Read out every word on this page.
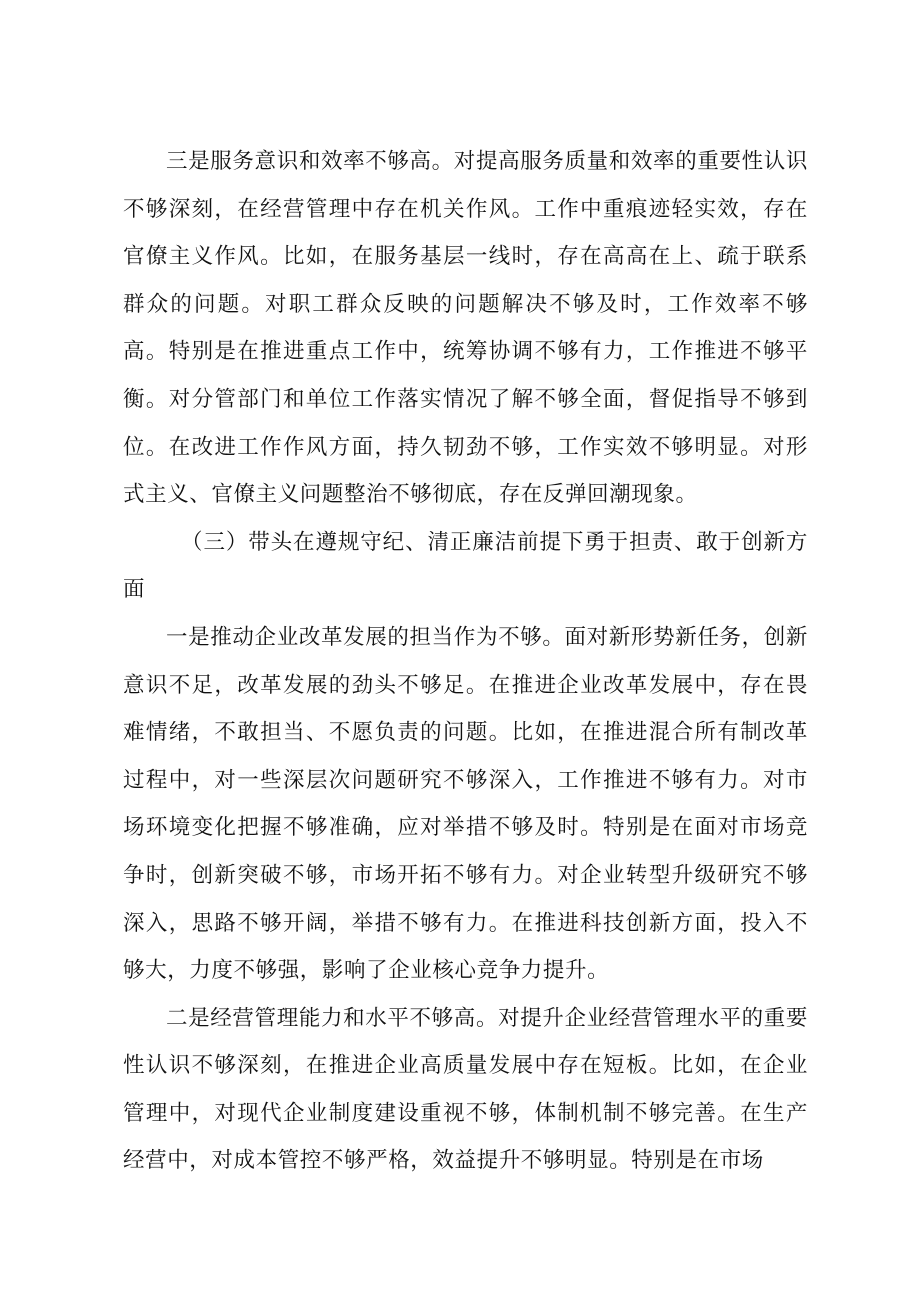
三是服务意识和效率不够高。对提高服务质量和效率的重要性认识不够深刻，在经营管理中存在机关作风。工作中重痕迹轻实效，存在官僚主义作风。比如，在服务基层一线时，存在高高在上、疏于联系群众的问题。对职工群众反映的问题解决不够及时，工作效率不够高。特别是在推进重点工作中，统筹协调不够有力，工作推进不够平衡。对分管部门和单位工作落实情况了解不够全面，督促指导不够到位。在改进工作作风方面，持久韧劲不够，工作实效不够明显。对形式主义、官僚主义问题整治不够彻底，存在反弹回潮现象。

（三）带头在遵规守纪、清正廉洁前提下勇于担责、敢于创新方面

一是推动企业改革发展的担当作为不够。面对新形势新任务，创新意识不足，改革发展的劲头不够足。在推进企业改革发展中，存在畏难情绪，不敢担当、不愿负责的问题。比如，在推进混合所有制改革过程中，对一些深层次问题研究不够深入，工作推进不够有力。对市场环境变化把握不够准确，应对举措不够及时。特别是在面对市场竞争时，创新突破不够，市场开拓不够有力。对企业转型升级研究不够深入，思路不够开阔，举措不够有力。在推进科技创新方面，投入不够大，力度不够强，影响了企业核心竞争力提升。

二是经营管理能力和水平不够高。对提升企业经营管理水平的重要性认识不够深刻，在推进企业高质量发展中存在短板。比如，在企业管理中，对现代企业制度建设重视不够，体制机制不够完善。在生产经营中，对成本管控不够严格，效益提升不够明显。特别是在市场
